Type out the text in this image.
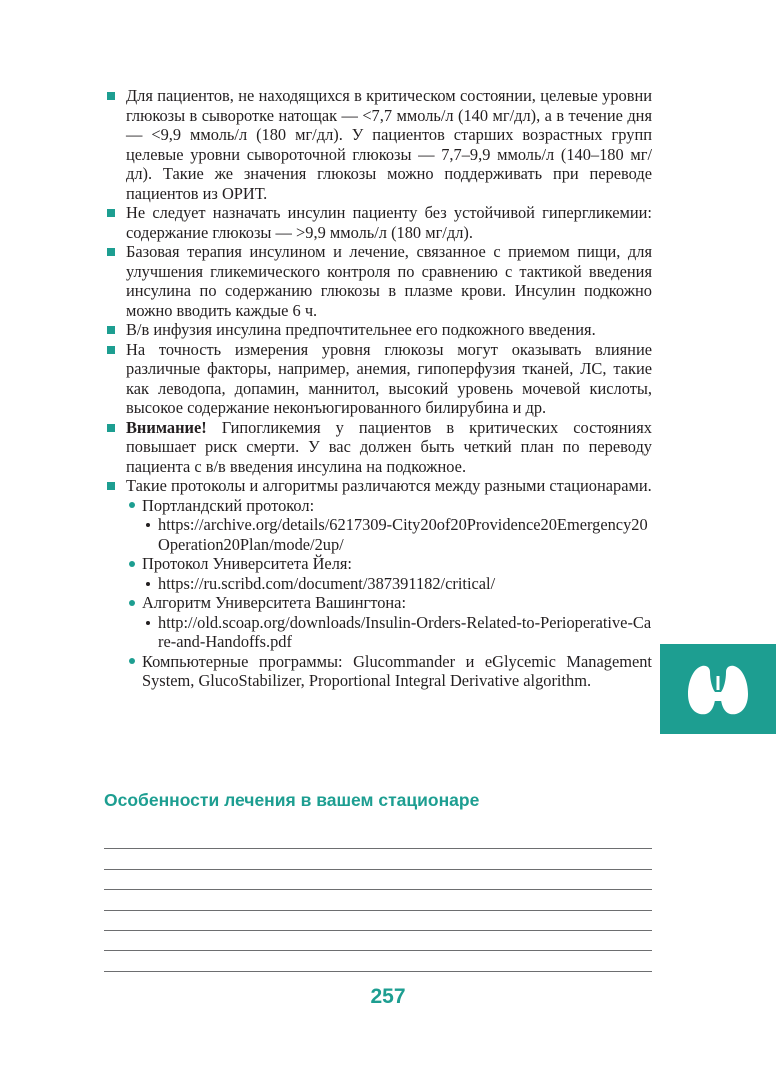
Для пациентов, не находящихся в критическом состоянии, целевые уровни глюкозы в сыворотке натощак — <7,7 ммоль/л (140 мг/дл), а в течение дня — <9,9 ммоль/л (180 мг/дл). У пациентов старших возрастных групп целевые уровни сывороточной глюкозы — 7,7–9,9 ммоль/л (140–180 мг/дл). Такие же значения глюкозы можно поддерживать при переводе пациентов из ОРИТ.
Не следует назначать инсулин пациенту без устойчивой гипергликемии: содержание глюкозы — >9,9 ммоль/л (180 мг/дл).
Базовая терапия инсулином и лечение, связанное с приемом пищи, для улучшения гликемического контроля по сравнению с тактикой введения инсулина по содержанию глюкозы в плазме крови. Инсулин подкожно можно вводить каждые 6 ч.
В/в инфузия инсулина предпочтительнее его подкожного введения.
На точность измерения уровня глюкозы могут оказывать влияние различные факторы, например, анемия, гипоперфузия тканей, ЛС, такие как леводопа, допамин, маннитол, высокий уровень мочевой кислоты, высокое содержание неконъюгированного билирубина и др.
Внимание! Гипогликемия у пациентов в критических состояниях повышает риск смерти. У вас должен быть четкий план по переводу пациента с в/в введения инсулина на подкожное.
Такие протоколы и алгоритмы различаются между разными стационарами.
Портландский протокол:
https://archive.org/details/6217309-City20of20Providence20Emergency20Operation20Plan/mode/2up/
Протокол Университета Йеля:
https://ru.scribd.com/document/387391182/critical/
Алгоритм Университета Вашингтона:
http://old.scoap.org/downloads/Insulin-Orders-Related-to-Perioperative-Care-and-Handoffs.pdf
Компьютерные программы: Glucommander и eGlycemic Management System, GlucoStabilizer, Proportional Integral Derivative algorithm.
Особенности лечения в вашем стационаре
257
